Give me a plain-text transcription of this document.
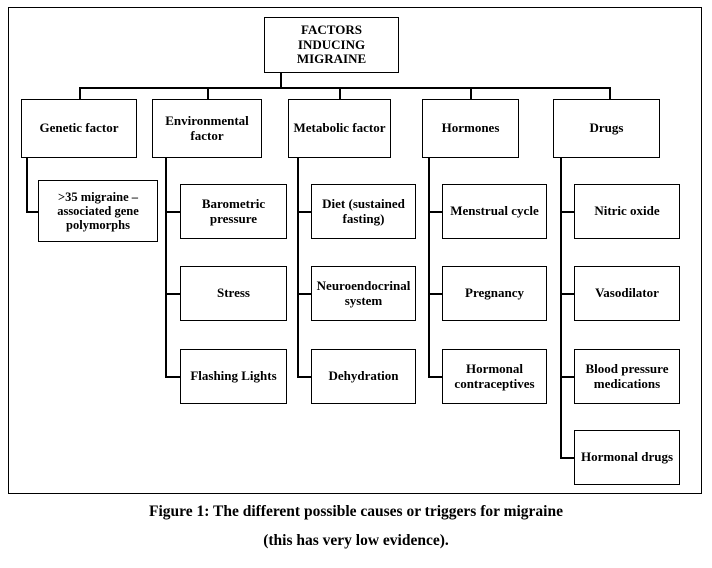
FACTORS INDUCING MIGRAINE
Genetic factor	Environmental factor	Metabolic factor	Hormones	Drugs
>35 migraine – associated gene polymorphs
Barometric pressure
Stress
Flashing Lights
Diet (sustained fasting)
Neuroendocrinal system
Dehydration
Menstrual cycle
Pregnancy
Hormonal contraceptives
Nitric oxide
Vasodilator
Blood pressure medications
Hormonal drugs
Figure 1: The different possible causes or triggers for migraine
(this has very low evidence).
